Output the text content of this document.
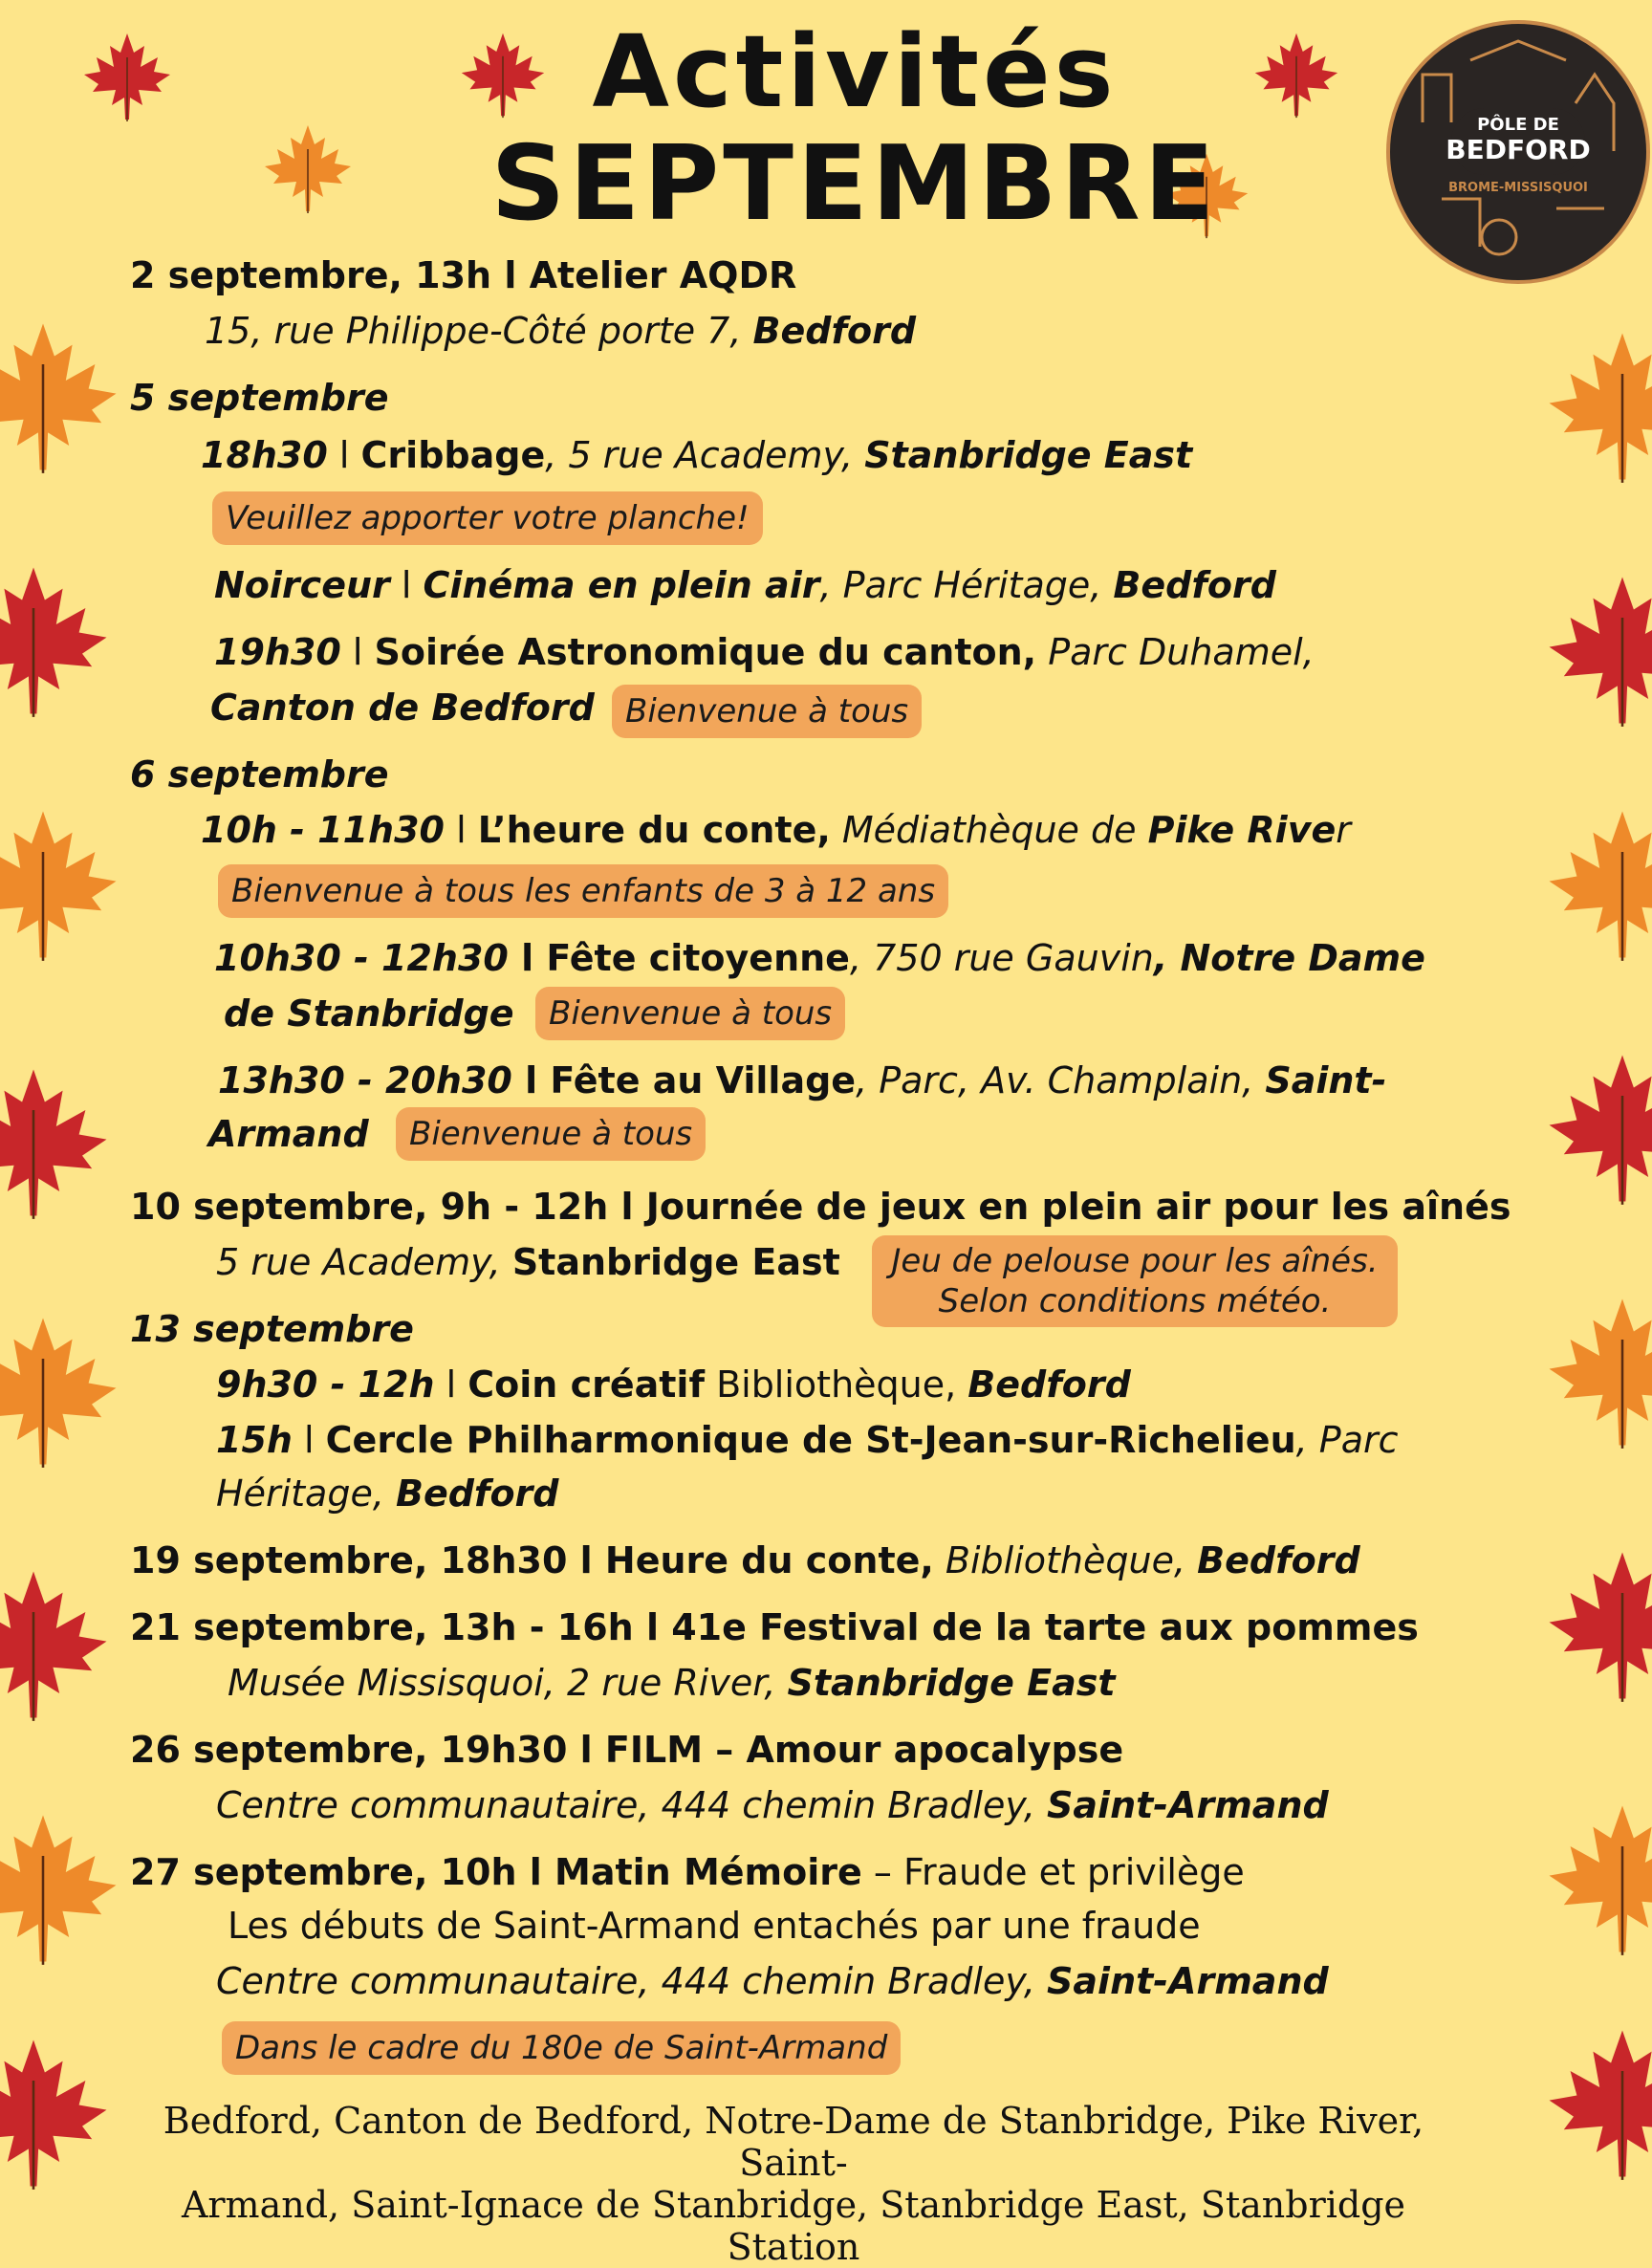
Activités
SEPTEMBRE	PÔLE DE
BEDFORD
BROME-MISSISQUOI
2 septembre, 13h l Atelier AQDR
15, rue Philippe-Côté porte 7, Bedford
5 septembre
18h30 l Cribbage, 5 rue Academy, Stanbridge East
Veuillez apporter votre planche!
Noirceur l Cinéma en plein air, Parc Héritage, Bedford
19h30 l Soirée Astronomique du canton, Parc Duhamel,
Canton de Bedford Bienvenue à tous
6 septembre
10h - 11h30 l L’heure du conte, Médiathèque de Pike River
Bienvenue à tous les enfants de 3 à 12 ans
10h30 - 12h30 l Fête citoyenne, 750 rue Gauvin, Notre Dame
de Stanbridge	Bienvenue à tous
13h30 - 20h30 l Fête au Village, Parc, Av. Champlain, Saint-
Armand	Bienvenue à tous
10 septembre, 9h - 12h l Journée de jeux en plein air pour les aînés
5 rue Academy, Stanbridge East Jeu de pelouse pour les aînés.
Selon conditions météo.
13 septembre
9h30 - 12h l Coin créatif Bibliothèque, Bedford
15h l Cercle Philharmonique de St-Jean-sur-Richelieu, Parc
Héritage, Bedford
19 septembre, 18h30 l Heure du conte, Bibliothèque, Bedford
21 septembre, 13h - 16h l 41e Festival de la tarte aux pommes
Musée Missisquoi, 2 rue River, Stanbridge East
26 septembre, 19h30 l FILM – Amour apocalypse
Centre communautaire, 444 chemin Bradley, Saint-Armand
27 septembre, 10h l Matin Mémoire – Fraude et privilège
Les débuts de Saint-Armand entachés par une fraude
Centre communautaire, 444 chemin Bradley, Saint-Armand
Dans le cadre du 180e de Saint-Armand
Bedford, Canton de Bedford, Notre-Dame de Stanbridge, Pike River, Saint-
Armand, Saint-Ignace de Stanbridge, Stanbridge East, Stanbridge Station
